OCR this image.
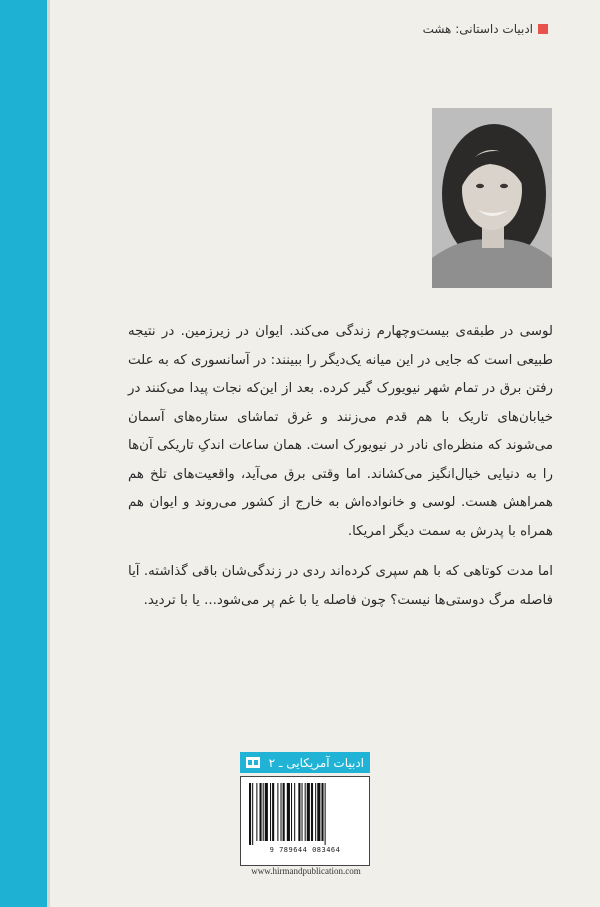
ادبیات داستانی: هشت

لوسی در طبقه‌ی بیست‌وچهارم زندگی می‌کند. ایوان در زیرزمین. در نتیجه طبیعی است که جایی در این میانه یک‌دیگر را ببینند: در آسانسوری که به علت رفتن برق در تمام شهر نیویورک گیر کرده. بعد از این‌که نجات پیدا می‌کنند در خیابان‌های تاریک با هم قدم می‌زنند و غرق تماشای ستاره‌های آسمان می‌شوند که منظره‌ای نادر در نیویورک است. همان ساعات اندکِ تاریکی آن‌ها را به دنیایی خیال‌انگیز می‌کشاند. اما وقتی برق می‌آید، واقعیت‌های تلخ هم همراهش هست. لوسی و خانواده‌اش به خارج از کشور می‌روند و ایوان هم همراه با پدرش به سمت دیگر امریکا.

اما مدت کوتاهی که با هم سپری کرده‌اند ردی در زندگی‌شان باقی گذاشته. آیا فاصله مرگ دوستی‌ها نیست؟ چون فاصله یا با غم پر می‌شود... یا با تردید.

ادبیات آمریکایی ـ ۲
9 789644 083464
www.hirmandpublication.com
